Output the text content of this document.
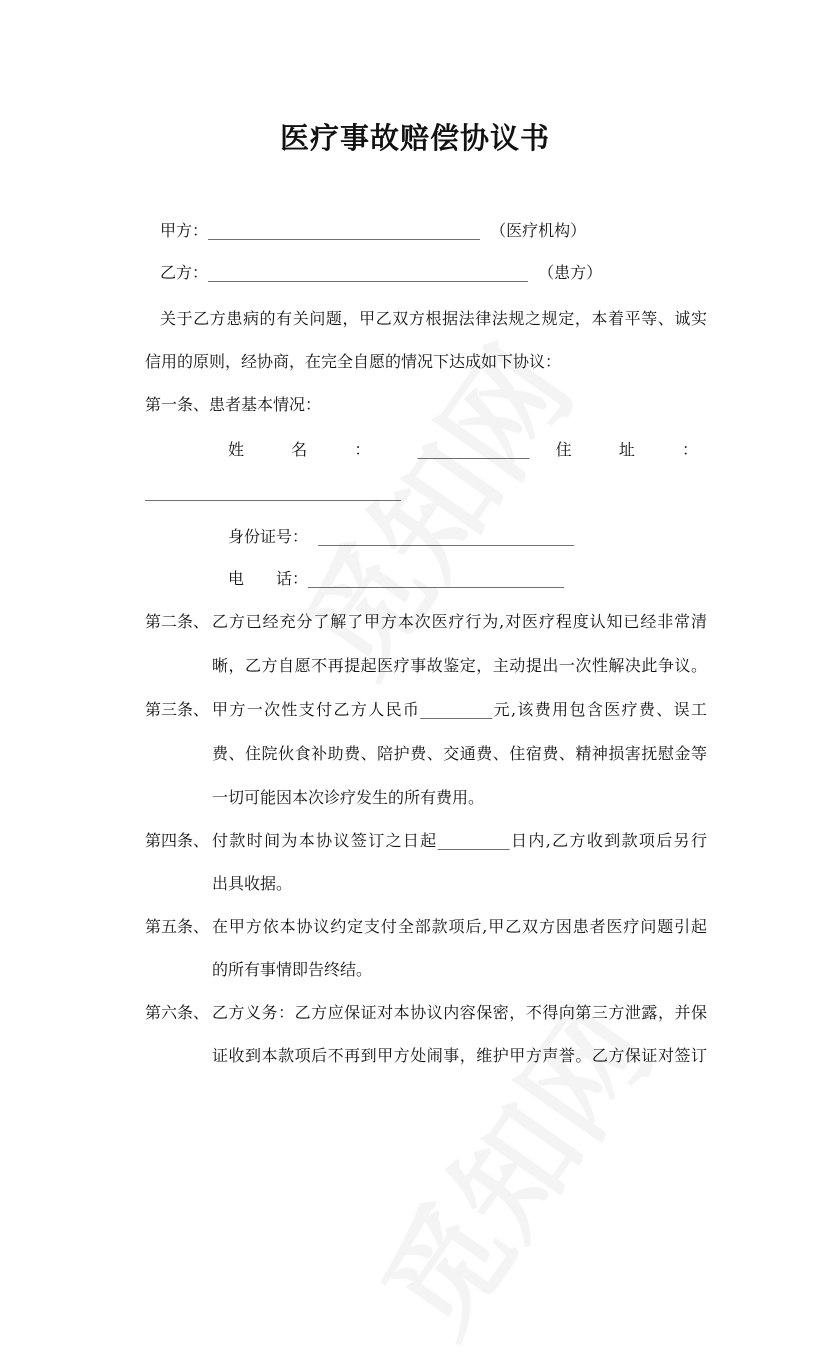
医疗事故赔偿协议书
甲方：__________________________________  （医疗机构）
乙方：________________________________________  （患方）
关于乙方患病的有关问题，甲乙双方根据法律法规之规定，本着平等、诚实
信用的原则，经协商，在完全自愿的情况下达成如下协议：
第一条、患者基本情况：
姓 名 ： ______________ 住 址 ：
________________________________
身份证号：  ________________________________
电　　话：________________________________
第二条、 乙方已经充分了解了甲方本次医疗行为,对医疗程度认知已经非常清
晰，乙方自愿不再提起医疗事故鉴定，主动提出一次性解决此争议。
第三条、 甲方一次性支付乙方人民币_________元,该费用包含医疗费、误工
费、住院伙食补助费、陪护费、交通费、住宿费、精神损害抚慰金等
一切可能因本次诊疗发生的所有费用。
第四条、 付款时间为本协议签订之日起_________日内,乙方收到款项后另行
出具收据。
第五条、 在甲方依本协议约定支付全部款项后,甲乙双方因患者医疗问题引起
的所有事情即告终结。
第六条、 乙方义务：乙方应保证对本协议内容保密，不得向第三方泄露，并保
证收到本款项后不再到甲方处闹事，维护甲方声誉。乙方保证对签订
